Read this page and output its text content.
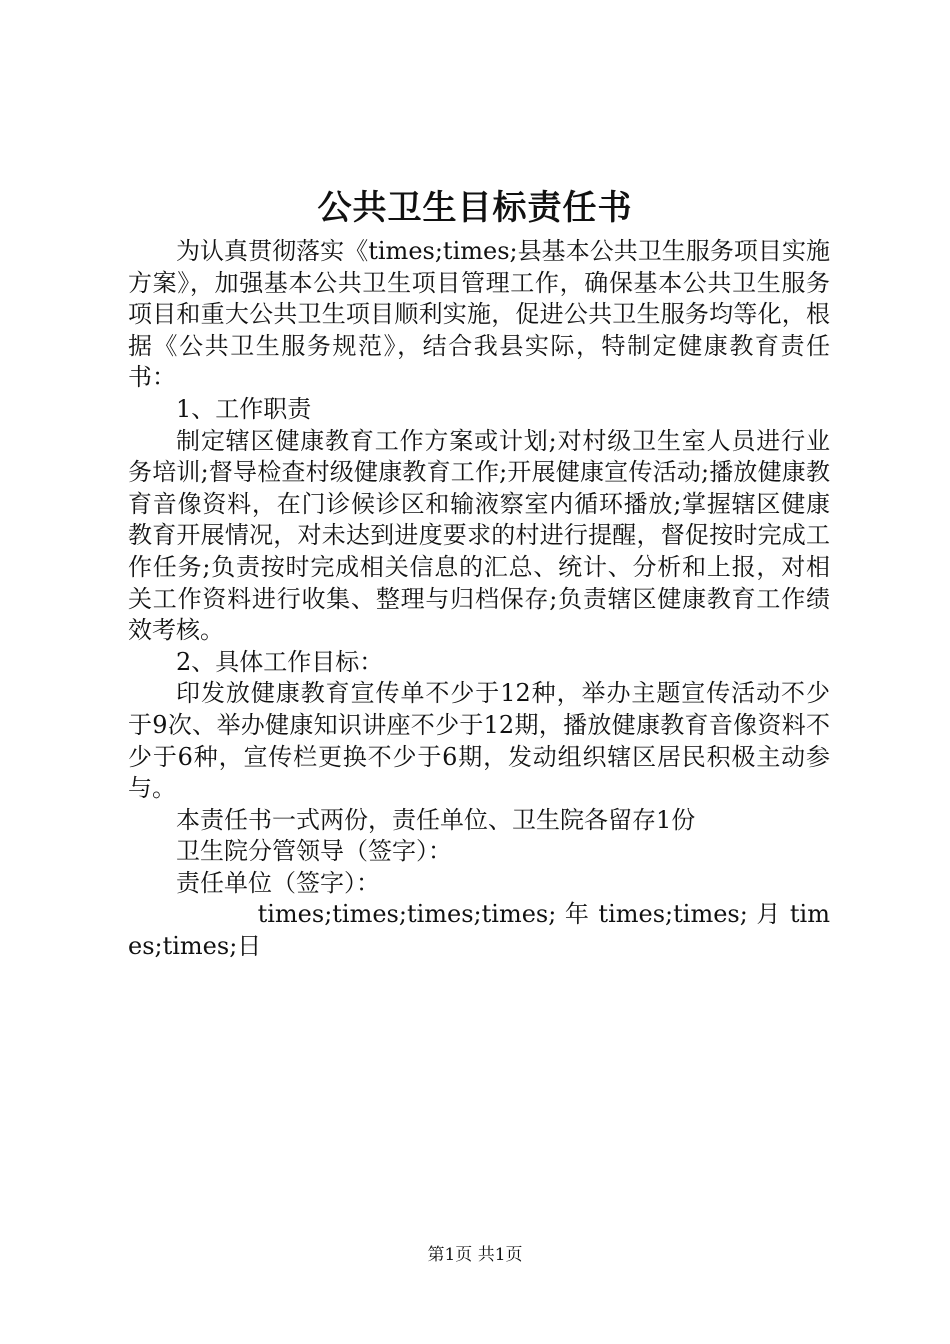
公共卫生目标责任书

为认真贯彻落实《times;times;县基本公共卫生服务项目实施方案》，加强基本公共卫生项目管理工作，确保基本公共卫生服务项目和重大公共卫生项目顺利实施，促进公共卫生服务均等化，根据《公共卫生服务规范》，结合我县实际，特制定健康教育责任书：

1、工作职责

制定辖区健康教育工作方案或计划;对村级卫生室人员进行业务培训;督导检查村级健康教育工作;开展健康宣传活动;播放健康教育音像资料，在门诊候诊区和输液察室内循环播放;掌握辖区健康教育开展情况，对未达到进度要求的村进行提醒，督促按时完成工作任务;负责按时完成相关信息的汇总、统计、分析和上报，对相关工作资料进行收集、整理与归档保存;负责辖区健康教育工作绩效考核。

2、具体工作目标：

印发放健康教育宣传单不少于12种，举办主题宣传活动不少于9次、举办健康知识讲座不少于12期，播放健康教育音像资料不少于6种，宣传栏更换不少于6期，发动组织辖区居民积极主动参与。

本责任书一式两份，责任单位、卫生院各留存1份

卫生院分管领导（签字）：

责任单位（签字）：

times;times;times;times; 年 times;times; 月 times;times;日

第1页 共1页
